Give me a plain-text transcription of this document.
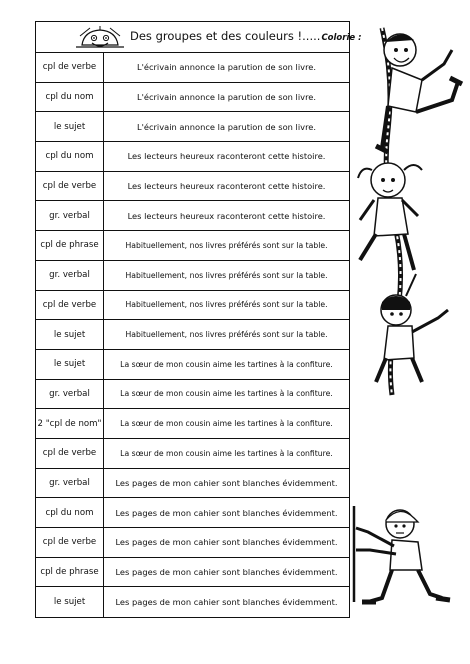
Des groupes et des couleurs !.....Colorie :
cpl de verbe	L'écrivain annonce la parution de son livre.
cpl du nom	L'écrivain annonce la parution de son livre.
le sujet	L'écrivain annonce la parution de son livre.
cpl du nom	Les lecteurs heureux raconteront cette histoire.
cpl de verbe	Les lecteurs heureux raconteront cette histoire.
gr. verbal	Les lecteurs heureux raconteront cette histoire.
cpl de phrase	Habituellement, nos livres préférés sont sur la table.
gr. verbal	Habituellement, nos livres préférés sont sur la table.
cpl de verbe	Habituellement, nos livres préférés sont sur la table.
le sujet	Habituellement, nos livres préférés sont sur la table.
le sujet	La sœur de mon cousin aime les tartines à la confiture.
gr. verbal	La sœur de mon cousin aime les tartines à la confiture.
2 "cpl de nom"	La sœur de mon cousin aime les tartines à la confiture.
cpl de verbe	La sœur de mon cousin aime les tartines à la confiture.
gr. verbal	Les pages de mon cahier sont blanches évidemment.
cpl du nom	Les pages de mon cahier sont blanches évidemment.
cpl de verbe	Les pages de mon cahier sont blanches évidemment.
cpl de phrase	Les pages de mon cahier sont blanches évidemment.
le sujet	Les pages de mon cahier sont blanches évidemment.
